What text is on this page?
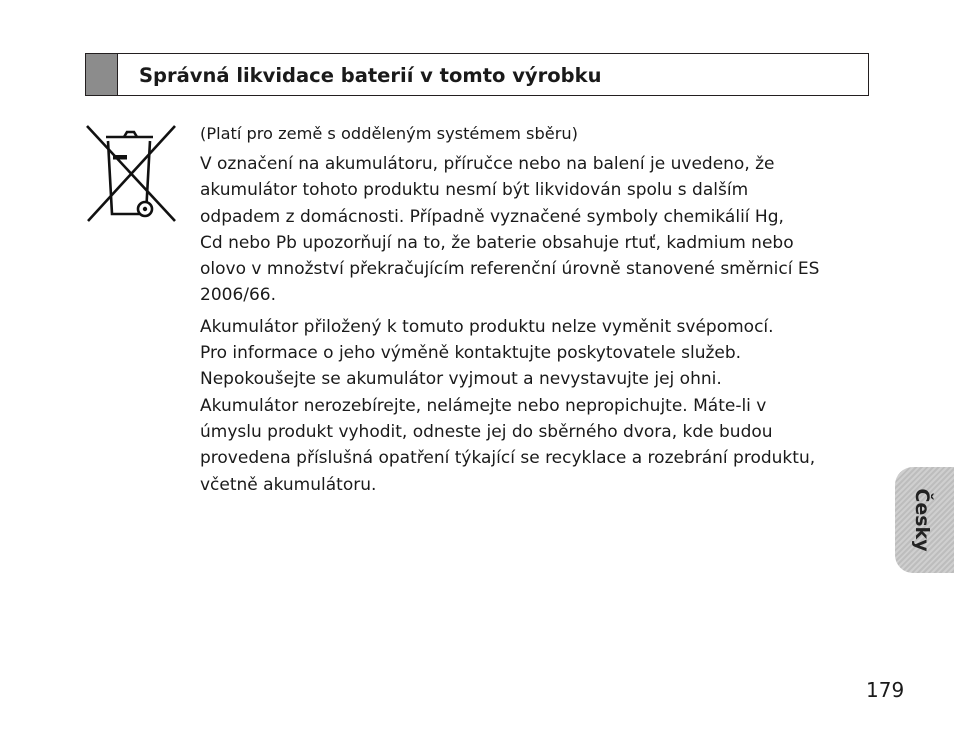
Správná likvidace baterií v tomto výrobku

(Platí pro země s odděleným systémem sběru)

V označení na akumulátoru, příručce nebo na balení je uvedeno, že
akumulátor tohoto produktu nesmí být likvidován spolu s dalším
odpadem z domácnosti. Případně vyznačené symboly chemikálií Hg,
Cd nebo Pb upozorňují na to, že baterie obsahuje rtuť, kadmium nebo
olovo v množství překračujícím referenční úrovně stanovené směrnicí ES
2006/66.

Akumulátor přiložený k tomuto produktu nelze vyměnit svépomocí.
Pro informace o jeho výměně kontaktujte poskytovatele služeb.
Nepokoušejte se akumulátor vyjmout a nevystavujte jej ohni.
Akumulátor nerozebírejte, nelámejte nebo nepropichujte. Máte-li v
úmyslu produkt vyhodit, odneste jej do sběrného dvora, kde budou
provedena příslušná opatření týkající se recyklace a rozebrání produktu,
včetně akumulátoru.

Česky
179
